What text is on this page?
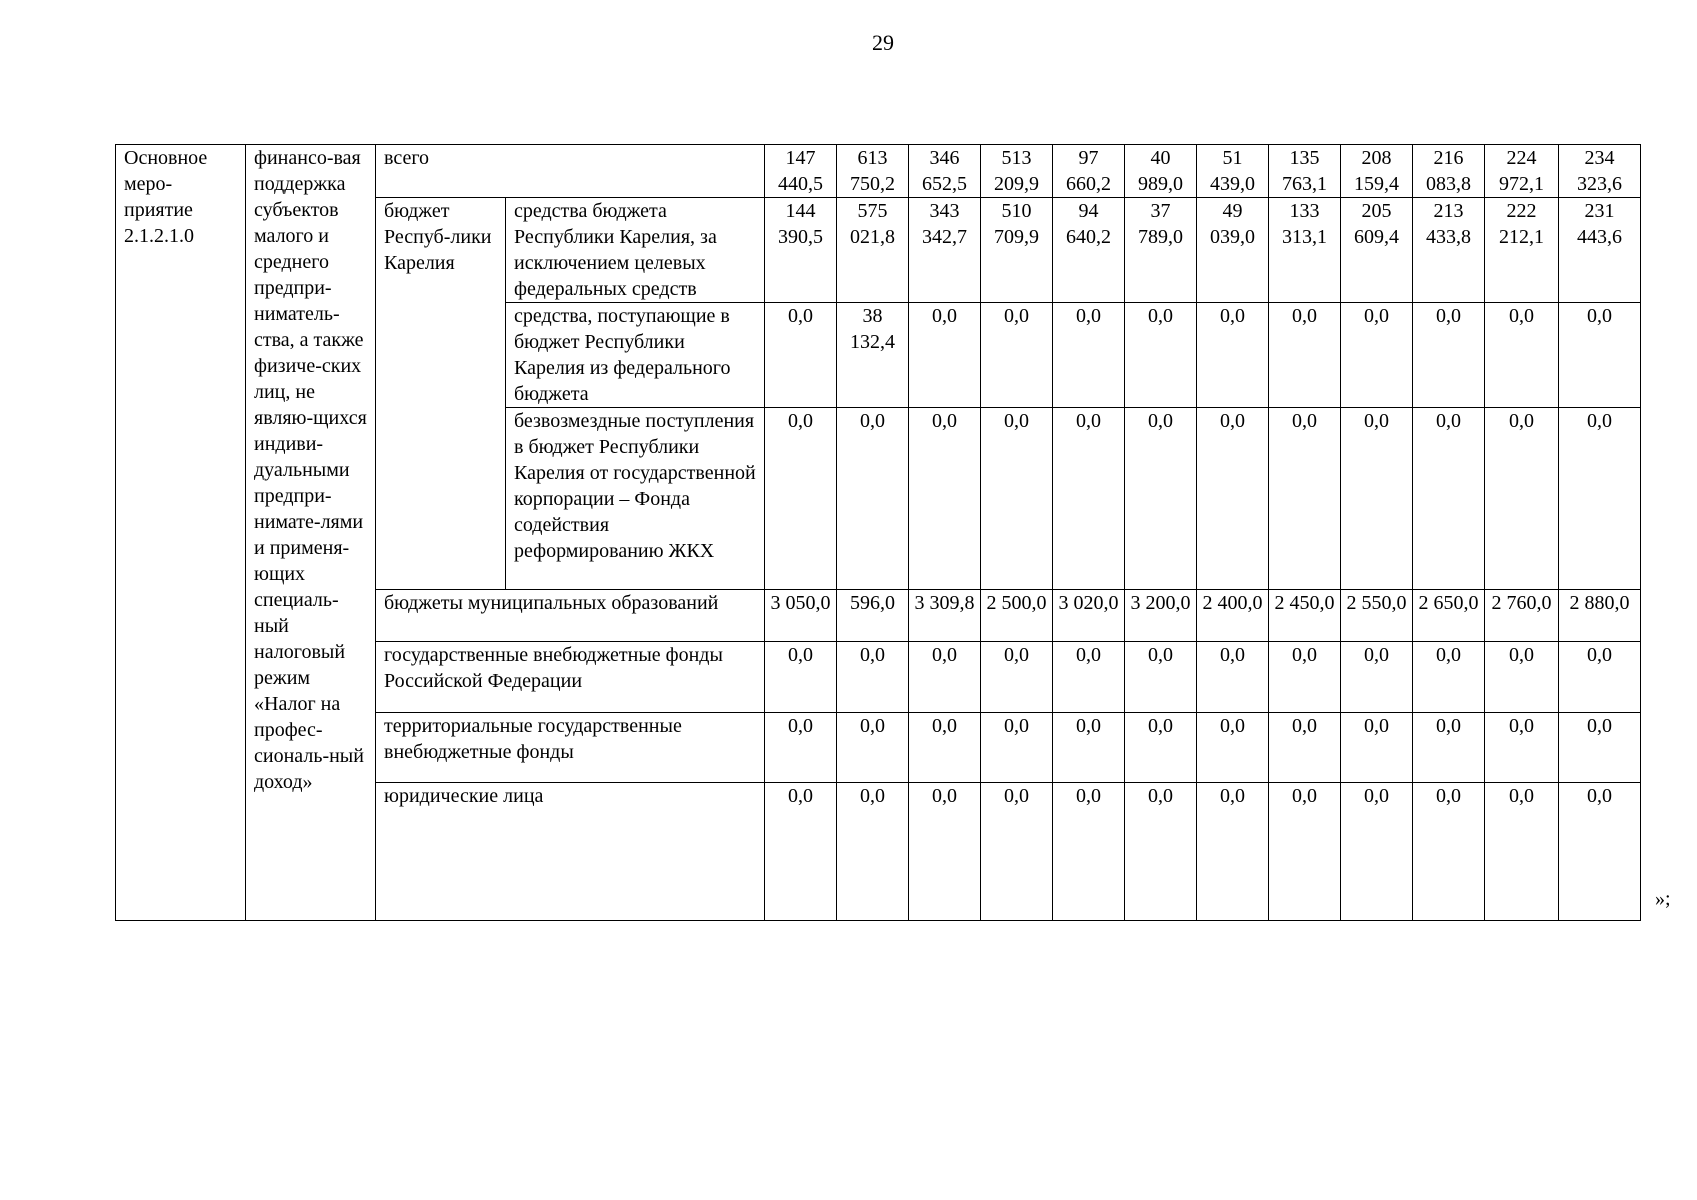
29
Основное меро-приятие 2.1.2.1.0	финансо-вая поддержка субъектов малого и среднего предпри-ниматель-ства, а также физиче-ских лиц, не являю-щихся индиви-дуальными предпри-нимате-лями и применя-ющих специаль-ный налоговый режим «Налог на профес-сиональ-ный доход»	всего		147 440,5	613 750,2	346 652,5	513 209,9	97 660,2	40 989,0	51 439,0	135 763,1	208 159,4	216 083,8	224 972,1	234 323,6
		бюджет Респуб-лики Карелия	средства бюджета Республики Карелия, за исключением целевых федеральных средств	144 390,5	575 021,8	343 342,7	510 709,9	94 640,2	37 789,0	49 039,0	133 313,1	205 609,4	213 433,8	222 212,1	231 443,6
			средства, поступающие в бюджет Республики Карелия из федерального бюджета	0,0	38 132,4	0,0	0,0	0,0	0,0	0,0	0,0	0,0	0,0	0,0	0,0
			безвозмездные поступления в бюджет Республики Карелия от государственной корпорации – Фонда содействия реформированию ЖКХ	0,0	0,0	0,0	0,0	0,0	0,0	0,0	0,0	0,0	0,0	0,0	0,0
		бюджеты муниципальных образований		3 050,0	596,0	3 309,8	2 500,0	3 020,0	3 200,0	2 400,0	2 450,0	2 550,0	2 650,0	2 760,0	2 880,0
		государственные внебюджетные фонды Российской Федерации		0,0	0,0	0,0	0,0	0,0	0,0	0,0	0,0	0,0	0,0	0,0	0,0
		территориальные государственные внебюджетные фонды		0,0	0,0	0,0	0,0	0,0	0,0	0,0	0,0	0,0	0,0	0,0	0,0
		юридические лица		0,0	0,0	0,0	0,0	0,0	0,0	0,0	0,0	0,0	0,0	0,0	0,0
»;
